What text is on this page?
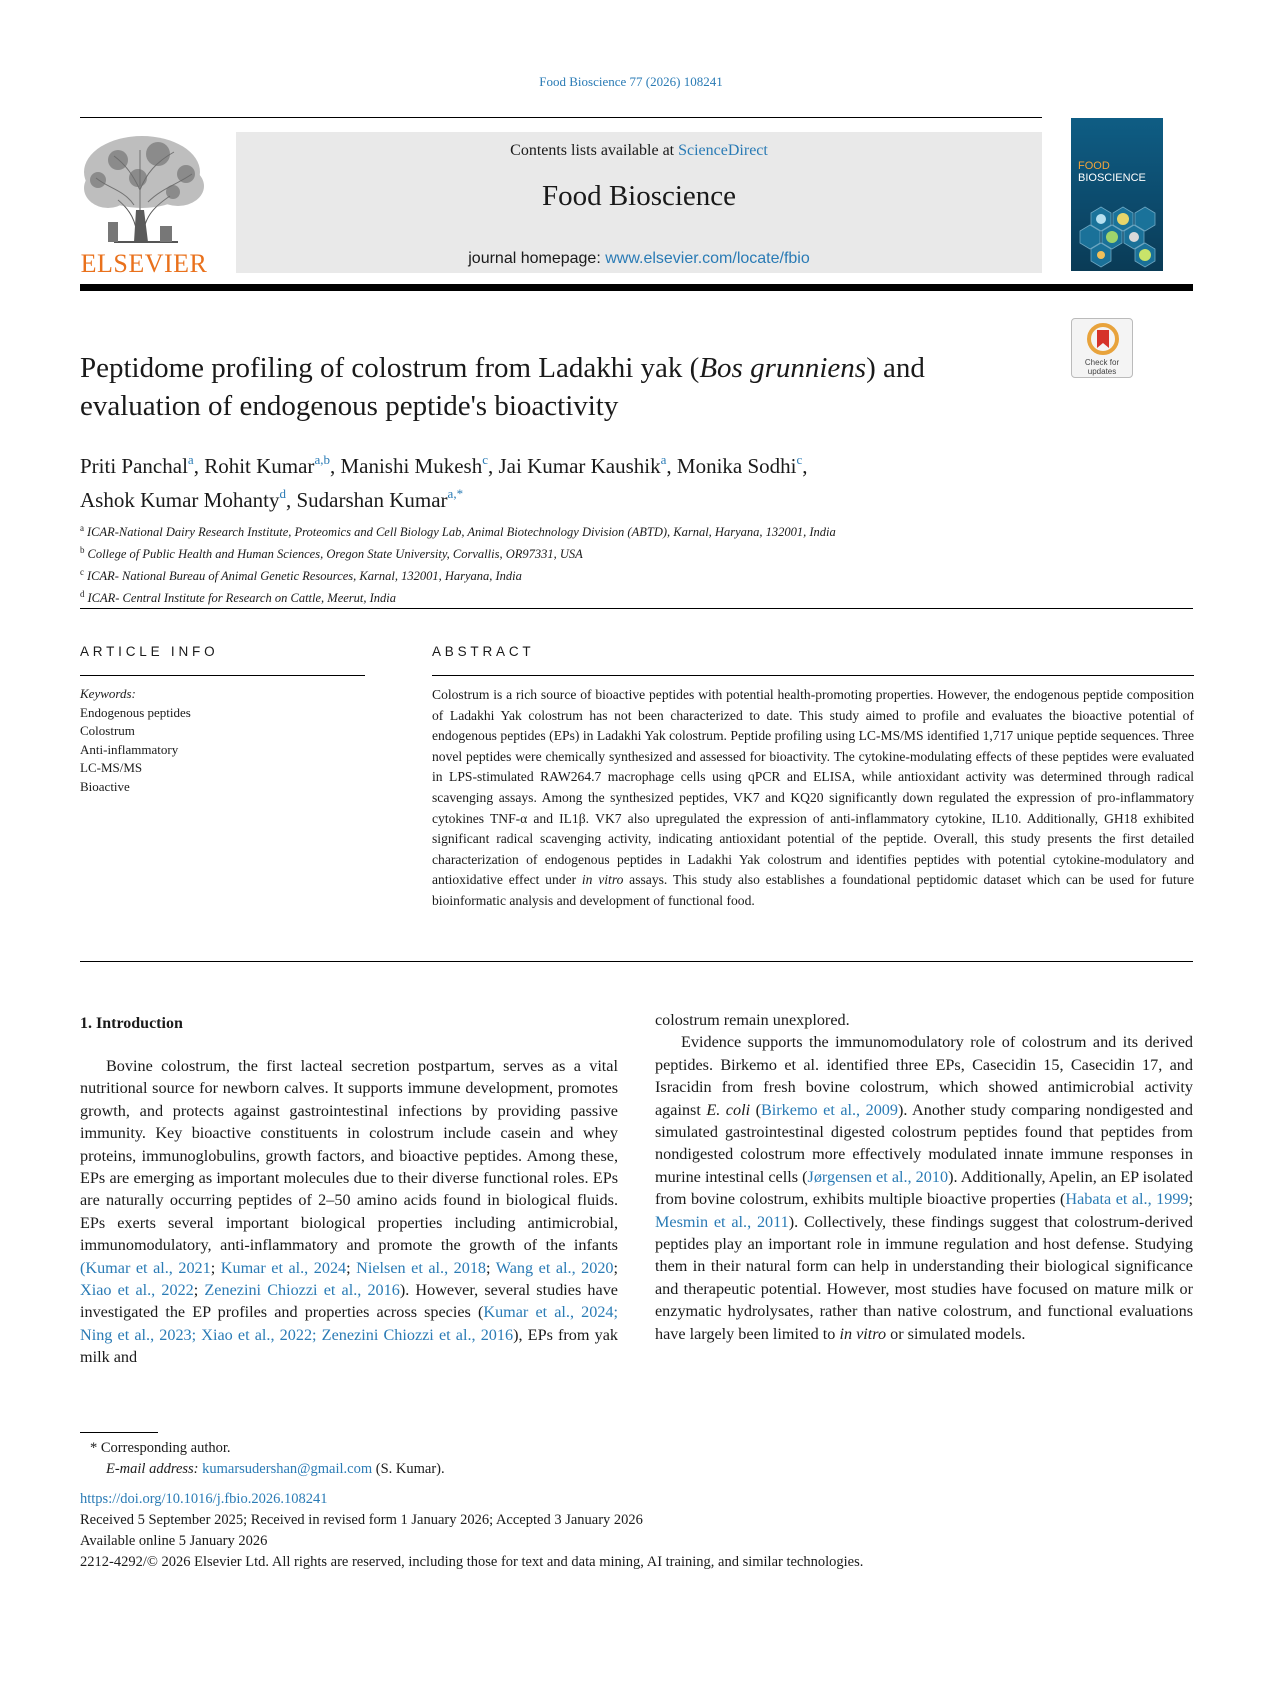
Food Bioscience 77 (2026) 108241
ELSEVIER
Contents lists available at ScienceDirect
Food Bioscience
journal homepage: www.elsevier.com/locate/fbio
FOOD
BIOSCIENCE
Check for updates
Peptidome profiling of colostrum from Ladakhi yak (Bos grunniens) and evaluation of endogenous peptide's bioactivity
Priti Panchal$^a$, Rohit Kumar$^{a,b}$, Manishi Mukesh$^c$, Jai Kumar Kaushik$^a$, Monika Sodhi$^c$,
Ashok Kumar Mohanty$^d$, Sudarshan Kumar$^{a,*}$
$^a$ ICAR-National Dairy Research Institute, Proteomics and Cell Biology Lab, Animal Biotechnology Division (ABTD), Karnal, Haryana, 132001, India
$^b$ College of Public Health and Human Sciences, Oregon State University, Corvallis, OR97331, USA
$^c$ ICAR- National Bureau of Animal Genetic Resources, Karnal, 132001, Haryana, India
$^d$ ICAR- Central Institute for Research on Cattle, Meerut, India
ARTICLE INFO	ABSTRACT
Keywords:
Endogenous peptides
Colostrum
Anti-inflammatory
LC-MS/MS
Bioactive
Colostrum is a rich source of bioactive peptides with potential health-promoting properties. However, the endogenous peptide composition of Ladakhi Yak colostrum has not been characterized to date. This study aimed to profile and evaluates the bioactive potential of endogenous peptides (EPs) in Ladakhi Yak colostrum. Peptide profiling using LC-MS/MS identified 1,717 unique peptide sequences. Three novel peptides were chemically synthesized and assessed for bioactivity. The cytokine-modulating effects of these peptides were evaluated in LPS-stimulated RAW264.7 macrophage cells using qPCR and ELISA, while antioxidant activity was determined through radical scavenging assays. Among the synthesized peptides, VK7 and KQ20 significantly down regulated the expression of pro-inflammatory cytokines TNF-α and IL1β. VK7 also upregulated the expression of anti-inflammatory cytokine, IL10. Additionally, GH18 exhibited significant radical scavenging activity, indicating antioxidant potential of the peptide. Overall, this study presents the first detailed characterization of endogenous peptides in Ladakhi Yak colostrum and identifies peptides with potential cytokine-modulatory and antioxidative effect under in vitro assays. This study also establishes a foundational peptidomic dataset which can be used for future bioinformatic analysis and development of functional food.
1. Introduction

Bovine colostrum, the first lacteal secretion postpartum, serves as a vital nutritional source for newborn calves. It supports immune development, promotes growth, and protects against gastrointestinal infections by providing passive immunity. Key bioactive constituents in colostrum include casein and whey proteins, immunoglobulins, growth factors, and bioactive peptides. Among these, EPs are emerging as important molecules due to their diverse functional roles. EPs are naturally occurring peptides of 2–50 amino acids found in biological fluids. EPs exerts several important biological properties including antimicrobial, immunomodulatory, anti-inflammatory and promote the growth of the infants (Kumar et al., 2021; Kumar et al., 2024; Nielsen et al., 2018; Wang et al., 2020; Xiao et al., 2022; Zenezini Chiozzi et al., 2016). However, several studies have investigated the EP profiles and properties across species (Kumar et al., 2024; Ning et al., 2023; Xiao et al., 2022; Zenezini Chiozzi et al., 2016), EPs from yak milk and

colostrum remain unexplored.

Evidence supports the immunomodulatory role of colostrum and its derived peptides. Birkemo et al. identified three EPs, Casecidin 15, Casecidin 17, and Isracidin from fresh bovine colostrum, which showed antimicrobial activity against E. coli (Birkemo et al., 2009). Another study comparing nondigested and simulated gastrointestinal digested colostrum peptides found that peptides from nondigested colostrum more effectively modulated innate immune responses in murine intestinal cells (Jørgensen et al., 2010). Additionally, Apelin, an EP isolated from bovine colostrum, exhibits multiple bioactive properties (Habata et al., 1999; Mesmin et al., 2011). Collectively, these findings suggest that colostrum-derived peptides play an important role in immune regulation and host defense. Studying them in their natural form can help in understanding their biological significance and therapeutic potential. However, most studies have focused on mature milk or enzymatic hydrolysates, rather than native colostrum, and functional evaluations have largely been limited to in vitro or simulated models.

* Corresponding author.
E-mail address: kumarsudershan@gmail.com (S. Kumar).
https://doi.org/10.1016/j.fbio.2026.108241
Received 5 September 2025; Received in revised form 1 January 2026; Accepted 3 January 2026
Available online 5 January 2026
2212-4292/© 2026 Elsevier Ltd. All rights are reserved, including those for text and data mining, AI training, and similar technologies.
